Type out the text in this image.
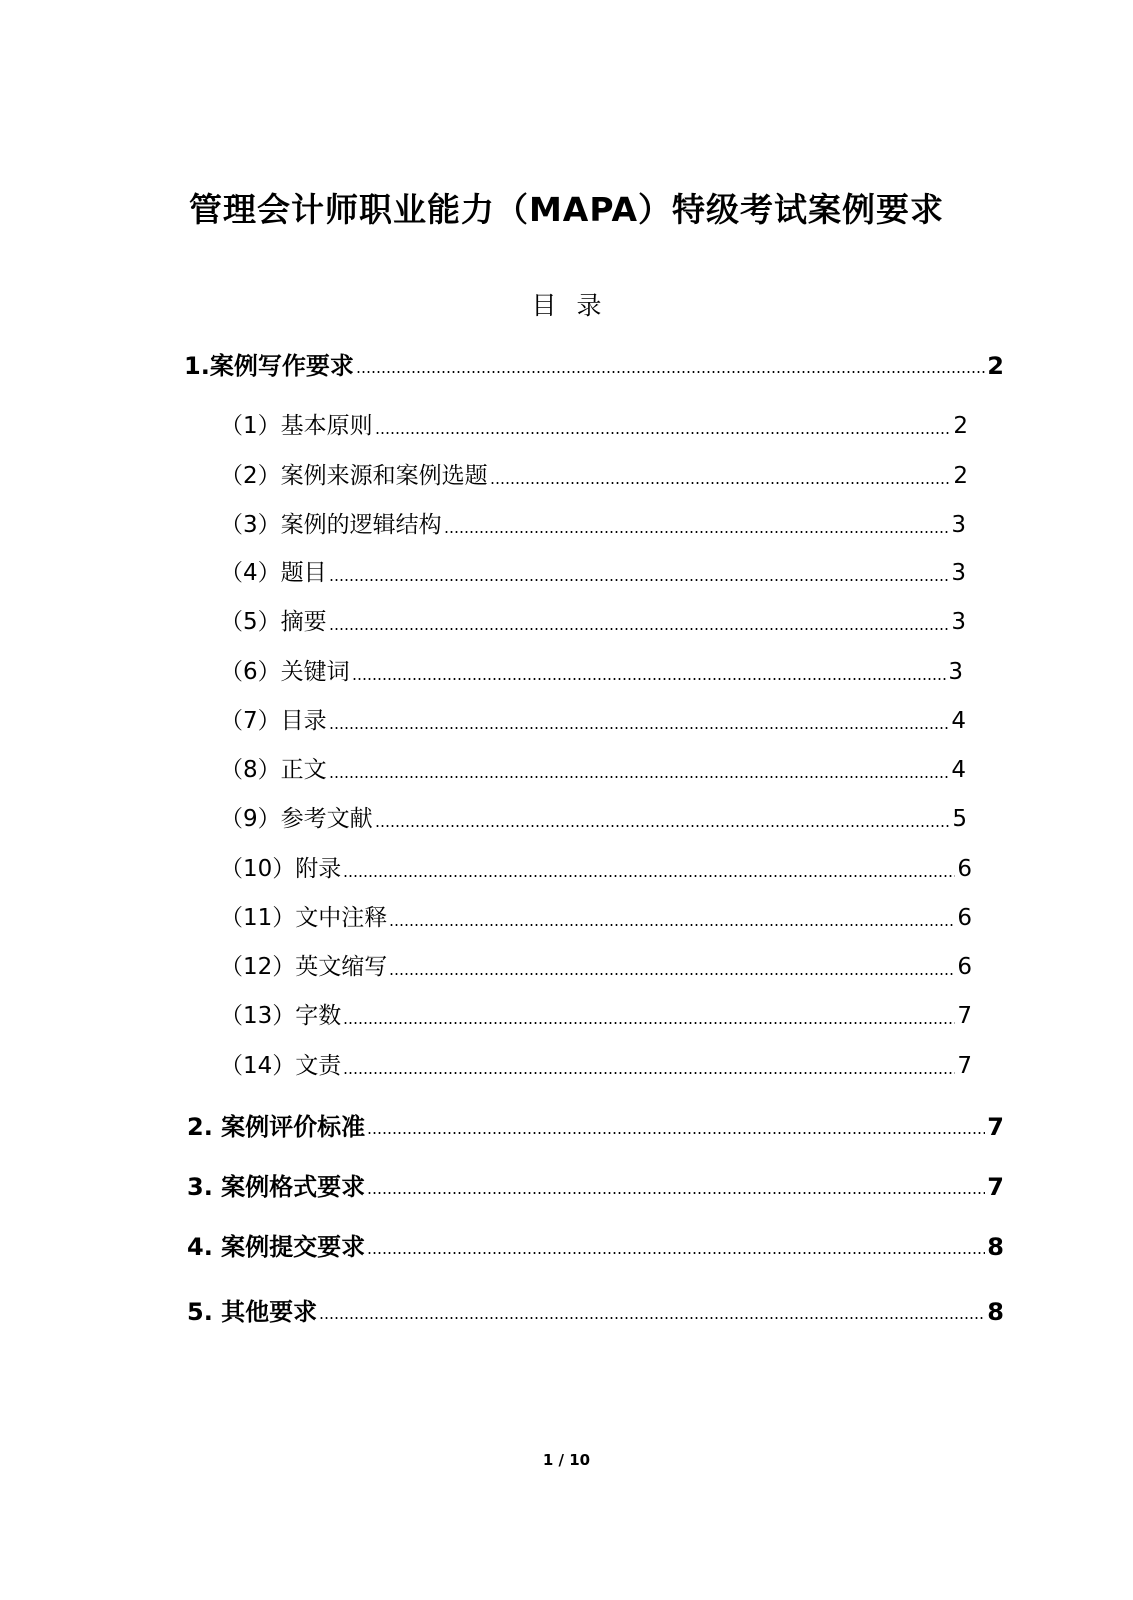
管理会计师职业能力（MAPA）特级考试案例要求
目录
1.案例写作要求	2
（1）基本原则	2
（2）案例来源和案例选题	2
（3）案例的逻辑结构	3
（4）题目	3
（5）摘要	3
（6）关键词	3
（7）目录	4
（8）正文	4
（9）参考文献	5
（10）附录	6
（11）文中注释	6
（12）英文缩写	6
（13）字数	7
（14）文责	7
2. 案例评价标准	7
3. 案例格式要求	7
4. 案例提交要求	8
5. 其他要求	8
1 / 10
